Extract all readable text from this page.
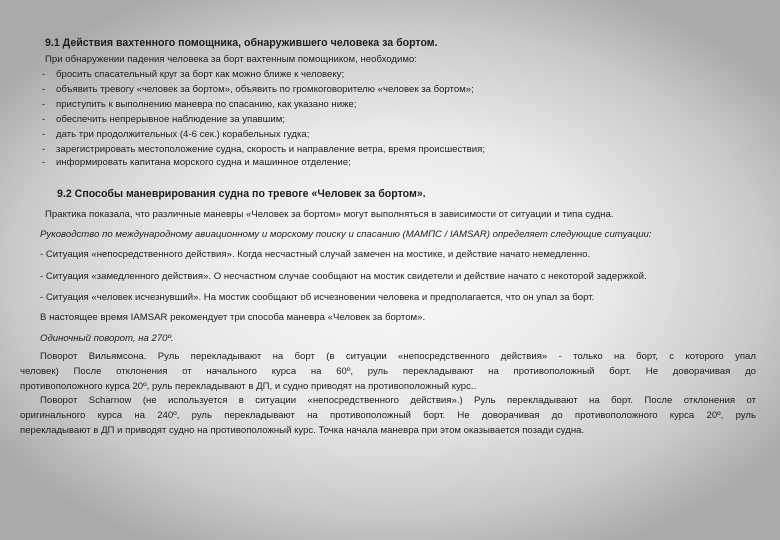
9.1 Действия вахтенного помощника, обнаружившего человека за бортом.
При обнаружении падения человека за борт вахтенным помощником, необходимо:
- бросить спасательный круг за борт как можно ближе к человеку;
- объявить тревогу «человек за бортом», объявить по громкоговорителю «человек за бортом»;
- приступить к выполнению маневра по спасанию, как указано ниже;
- обеспечить непрерывное наблюдение за упавшим;
- дать три продолжительных (4-6 сек.) корабельных гудка;
- зарегистрировать местоположение судна, скорость и направление ветра, время происшествия;
- информировать капитана морского судна и машинное отделение;
9.2 Способы маневрирования судна по тревоге «Человек за бортом».
Практика показала, что различные маневры «Человек за бортом» могут выполняться в зависимости от ситуации и типа судна.
Руководство по международному авиационному и морскому поиску и спасанию (МАМПС / IAMSAR) определяет следующие ситуации:
- Ситуация «непосредственного действия». Когда несчастный случай замечен на мостике, и действие начато немедленно.
- Ситуация «замедленного действия». О несчастном случае сообщают на мостик свидетели и действие начато с некоторой задержкой.
- Ситуация «человек исчезнувший». На мостик сообщают об исчезновении человека и предполагается, что он упал за борт.
В настоящее время IAMSAR рекомендует три способа маневра «Человек за бортом».
Одиночный поворот, на 270º.
Поворот Вильямсона. Руль перекладывают на борт (в ситуации «непосредственного действия» - только на борт, с которого упал
человек) После отклонения от начального курса на 60º, руль перекладывают на противоположный борт. Не доворачивая до
противоположного курса 20º, руль перекладывают в ДП, и судно приводят на противоположный курс..
Поворот Scharnow (не используется в ситуации «непосредственного действия».) Руль перекладывают на борт. После отклонения от
оригинального курса на 240º, руль перекладывают на противоположный борт. Не доворачивая до противоположного курса 20º, руль
перекладывают в ДП и приводят судно на противоположный курс. Точка начала маневра при этом оказывается позади судна.
